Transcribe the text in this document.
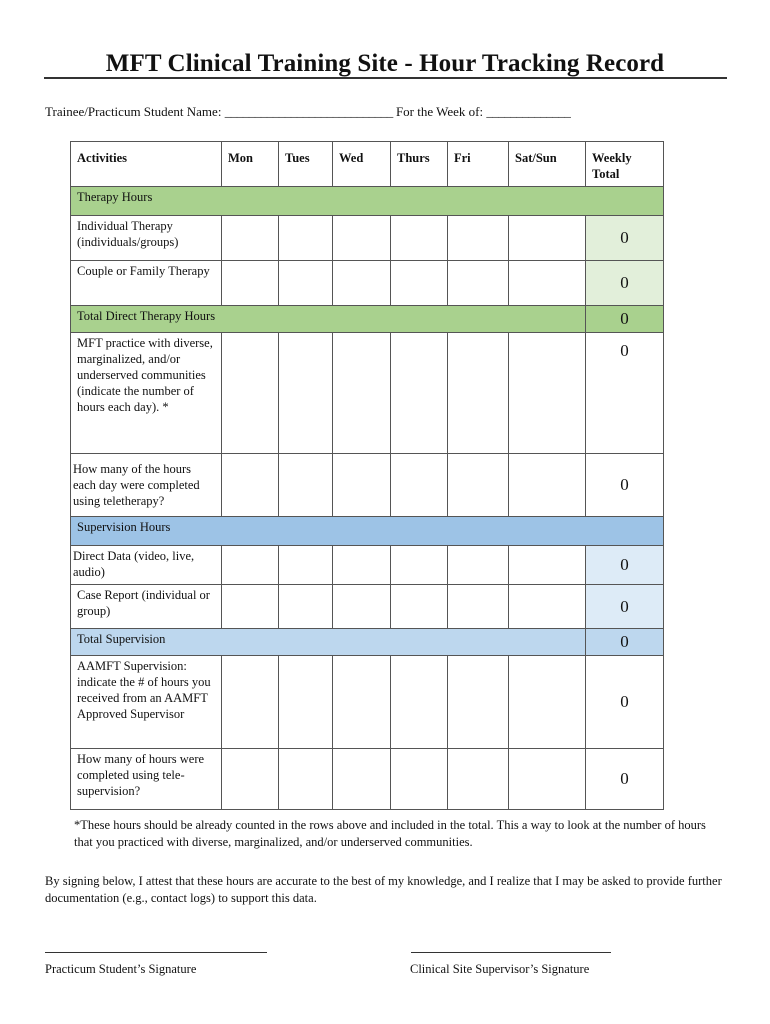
MFT Clinical Training Site - Hour Tracking Record
Trainee/Practicum Student Name: ____________________________ For the Week of: ______________
Activities	Mon	Tues	Wed	Thurs	Fri	Sat/Sun	Weekly Total
Therapy Hours							
Individual Therapy (individuals/groups)							0
Couple or Family Therapy							0
Total Direct Therapy Hours							0
MFT practice with diverse, marginalized, and/or underserved communities (indicate the number of hours each day). *							0
How many of the hours each day were completed using teletherapy?							0
Supervision Hours							
Direct Data (video, live, audio)							0
Case Report (individual or group)							0
Total Supervision							0
AAMFT Supervision: indicate the # of hours you received from an AAMFT Approved Supervisor							0
How many of hours were completed using tele-supervision?							0
*These hours should be already counted in the rows above and included in the total. This a way to look at the number of hours that you practiced with diverse, marginalized, and/or underserved communities.
By signing below, I attest that these hours are accurate to the best of my knowledge, and I realize that I may be asked to provide further documentation (e.g., contact logs) to support this data.
Practicum Student’s Signature	Clinical Site Supervisor’s Signature
